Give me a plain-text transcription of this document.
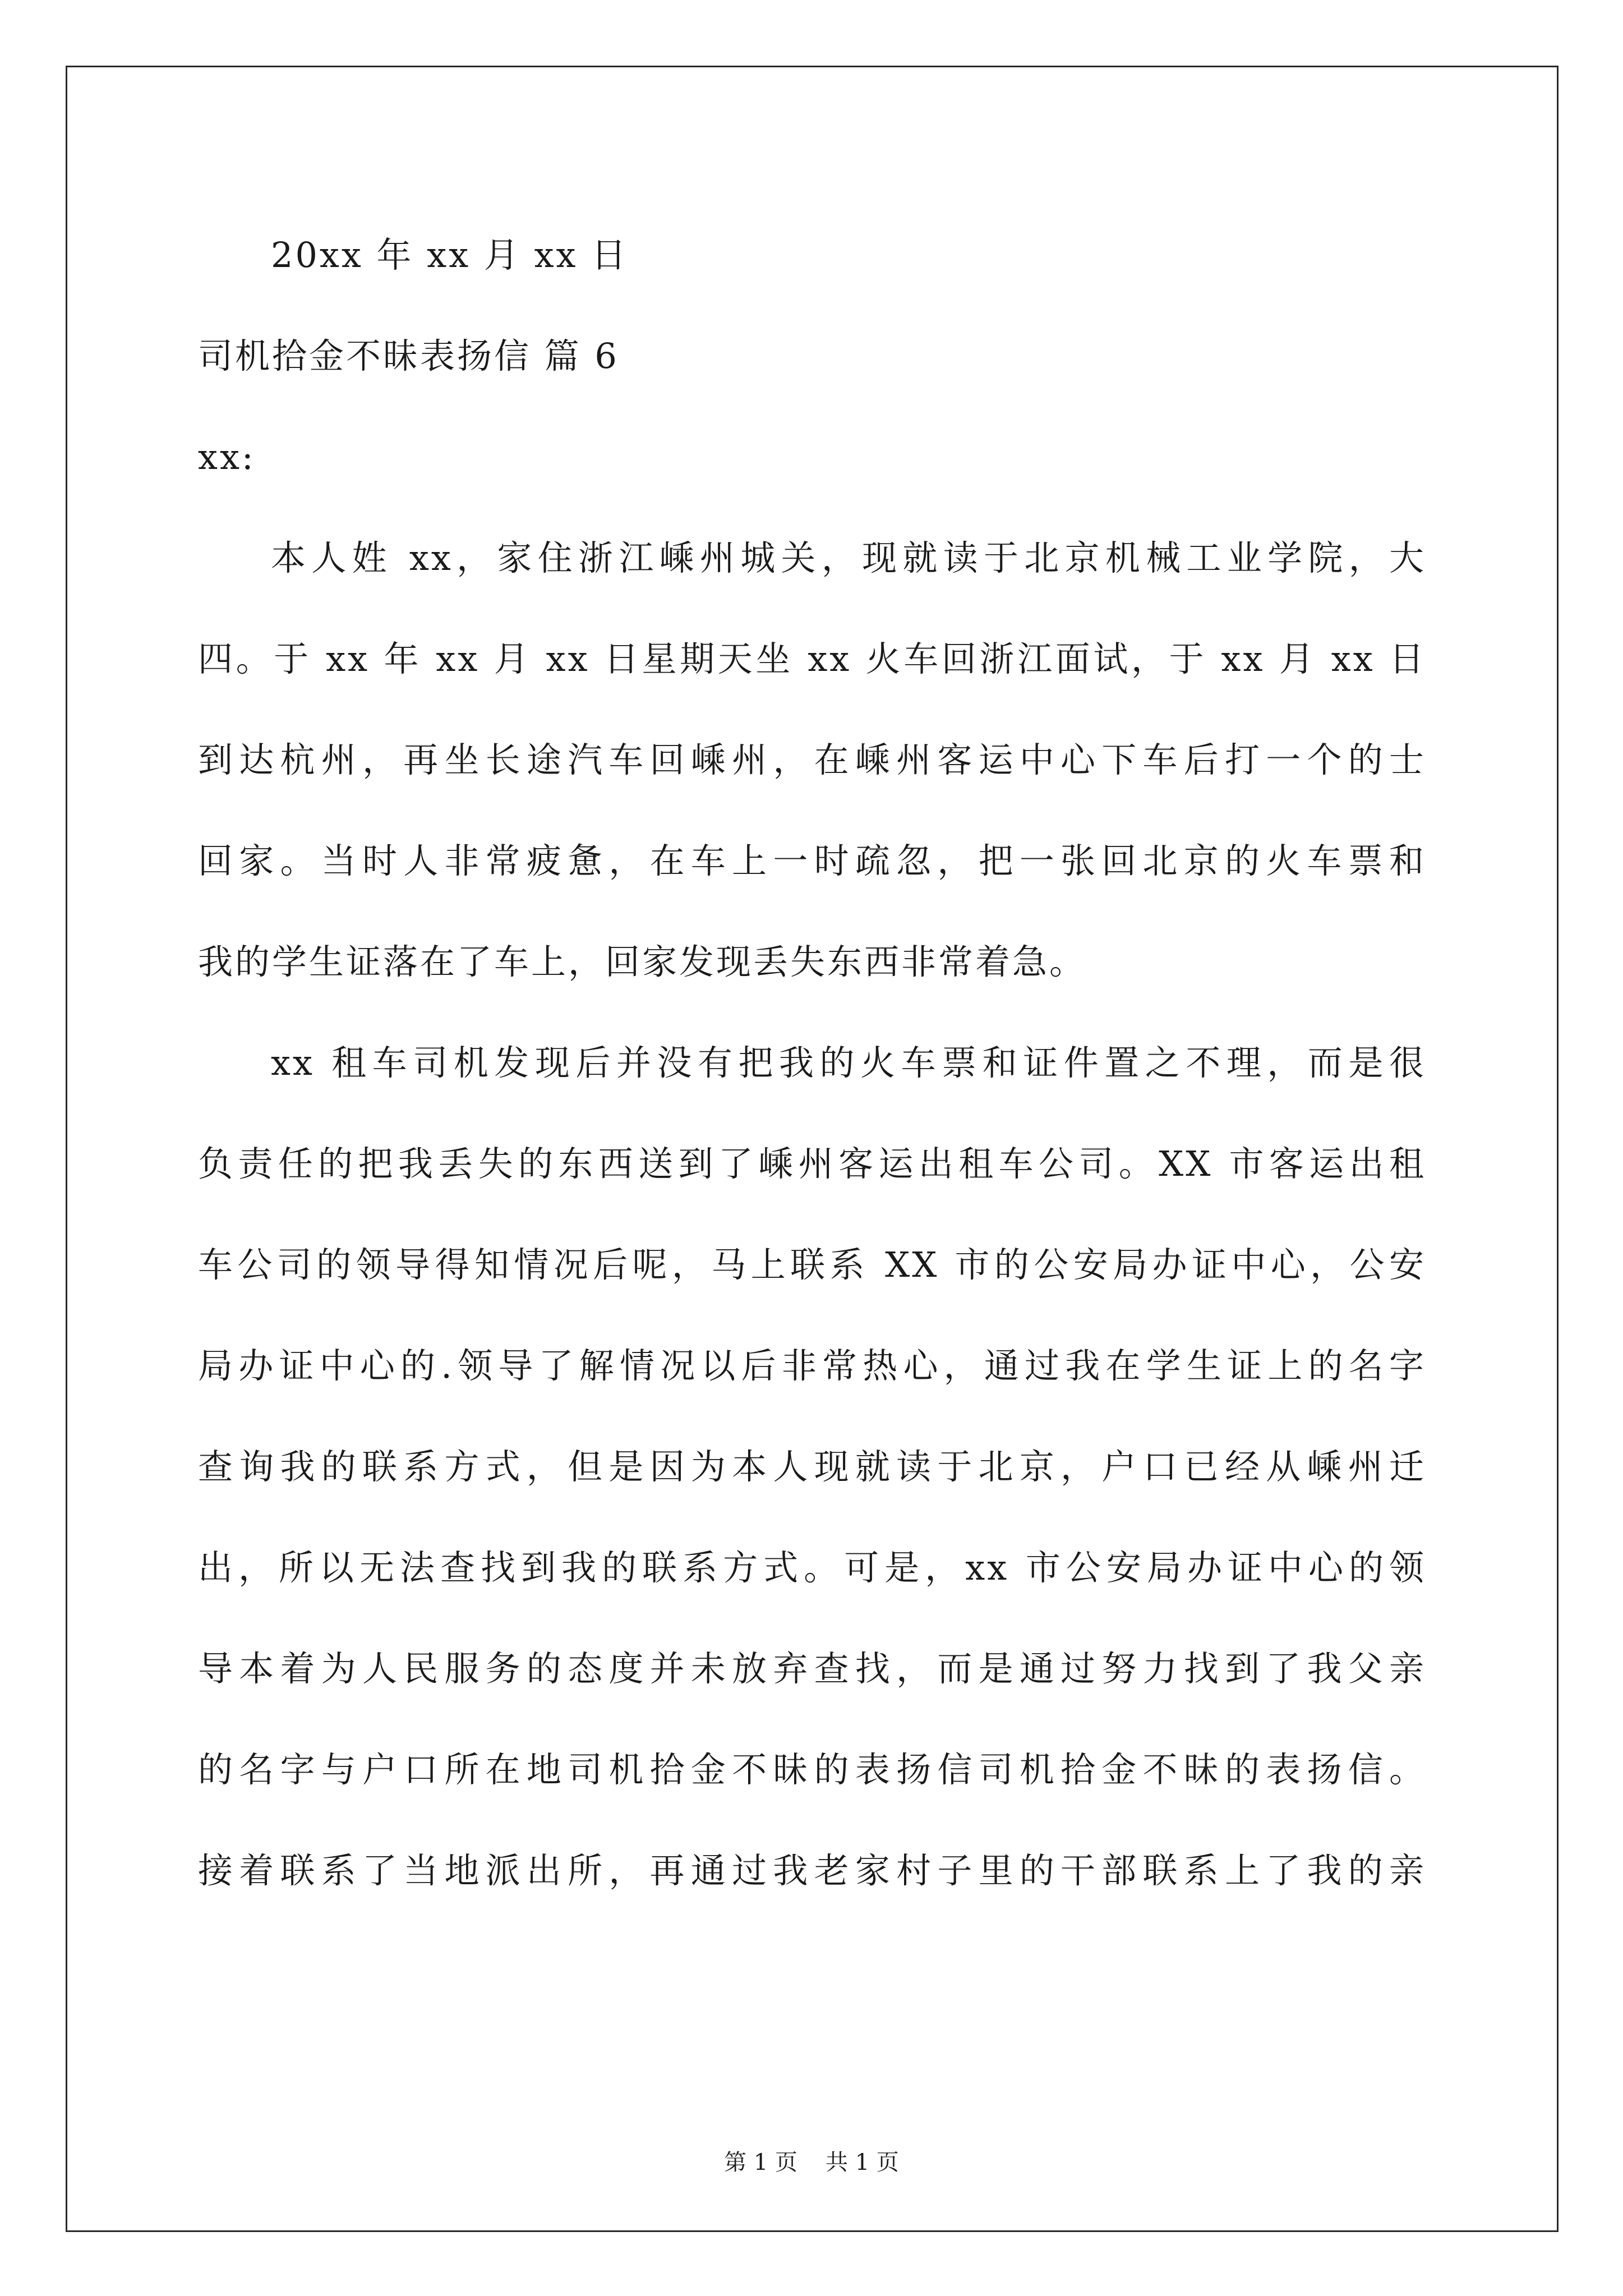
20xx 年 xx 月 xx 日
司机拾金不昧表扬信 篇 6
xx:
本人姓 xx，家住浙江嵊州城关，现就读于北京机械工业学院，大
四。于 xx 年 xx 月 xx 日星期天坐 xx 火车回浙江面试，于 xx 月 xx 日
到达杭州，再坐长途汽车回嵊州，在嵊州客运中心下车后打一个的士
回家。当时人非常疲惫，在车上一时疏忽，把一张回北京的火车票和
我的学生证落在了车上，回家发现丢失东西非常着急。
xx 租车司机发现后并没有把我的火车票和证件置之不理，而是很
负责任的把我丢失的东西送到了嵊州客运出租车公司。XX 市客运出租
车公司的领导得知情况后呢，马上联系 XX 市的公安局办证中心，公安
局办证中心的.领导了解情况以后非常热心，通过我在学生证上的名字
查询我的联系方式，但是因为本人现就读于北京，户口已经从嵊州迁
出，所以无法查找到我的联系方式。可是，xx 市公安局办证中心的领
导本着为人民服务的态度并未放弃查找，而是通过努力找到了我父亲
的名字与户口所在地司机拾金不昧的表扬信司机拾金不昧的表扬信。
接着联系了当地派出所，再通过我老家村子里的干部联系上了我的亲
第 1 页 共 1 页
